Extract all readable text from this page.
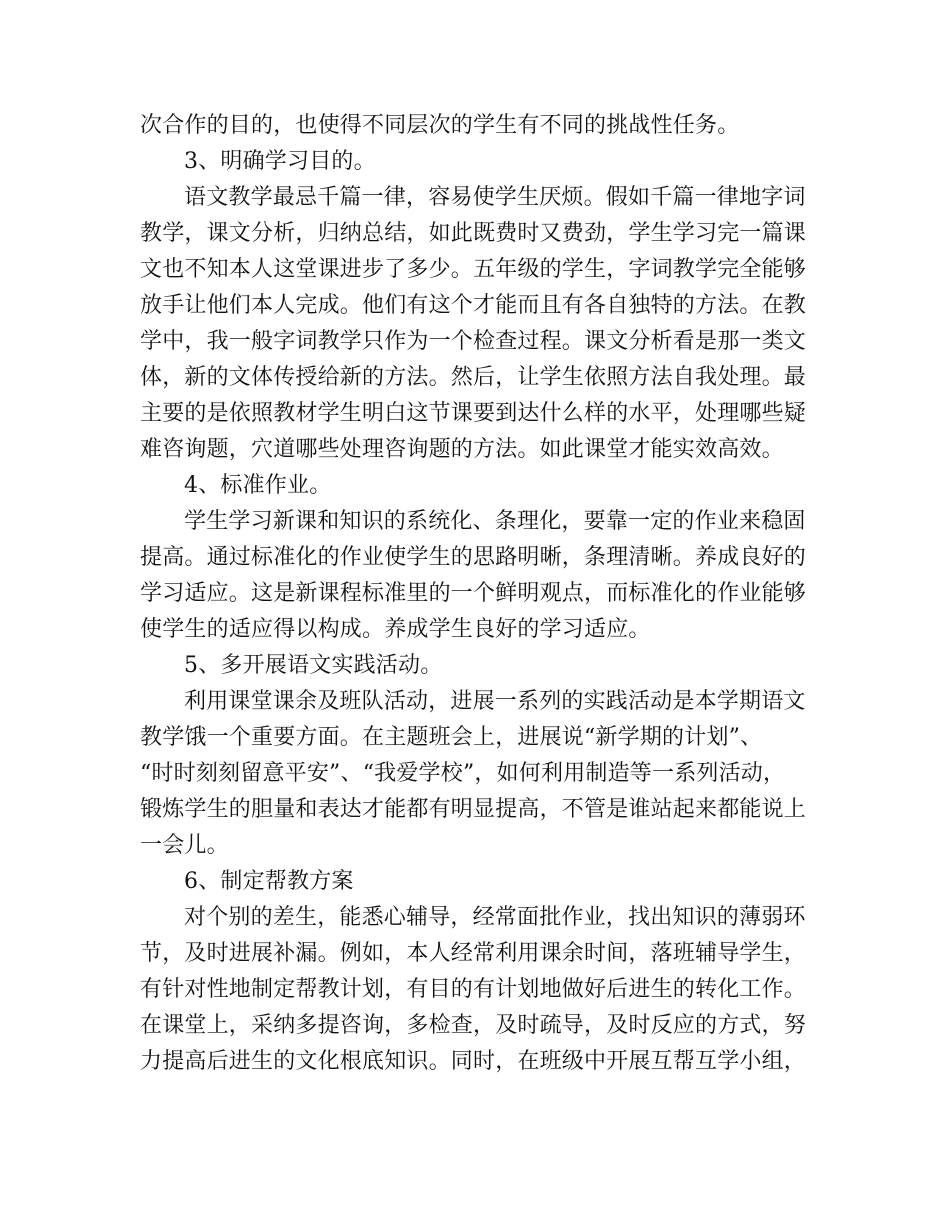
次合作的目的，也使得不同层次的学生有不同的挑战性任务。
3、明确学习目的。
语文教学最忌千篇一律，容易使学生厌烦。假如千篇一律地字词
教学，课文分析，归纳总结，如此既费时又费劲，学生学习完一篇课
文也不知本人这堂课进步了多少。五年级的学生，字词教学完全能够
放手让他们本人完成。他们有这个才能而且有各自独特的方法。在教
学中，我一般字词教学只作为一个检查过程。课文分析看是那一类文
体，新的文体传授给新的方法。然后，让学生依照方法自我处理。最
主要的是依照教材学生明白这节课要到达什么样的水平，处理哪些疑
难咨询题，穴道哪些处理咨询题的方法。如此课堂才能实效高效。
4、标准作业。
学生学习新课和知识的系统化、条理化，要靠一定的作业来稳固
提高。通过标准化的作业使学生的思路明晰，条理清晰。养成良好的
学习适应。这是新课程标准里的一个鲜明观点，而标准化的作业能够
使学生的适应得以构成。养成学生良好的学习适应。
5、多开展语文实践活动。
利用课堂课余及班队活动，进展一系列的实践活动是本学期语文
教学饿一个重要方面。在主题班会上，进展说“新学期的计划”、
“时时刻刻留意平安”、“我爱学校”，如何利用制造等一系列活动，
锻炼学生的胆量和表达才能都有明显提高，不管是谁站起来都能说上
一会儿。
6、制定帮教方案
对个别的差生，能悉心辅导，经常面批作业，找出知识的薄弱环
节，及时进展补漏。例如，本人经常利用课余时间，落班辅导学生，
有针对性地制定帮教计划，有目的有计划地做好后进生的转化工作。
在课堂上，采纳多提咨询，多检查，及时疏导，及时反应的方式，努
力提高后进生的文化根底知识。同时，在班级中开展互帮互学小组，
